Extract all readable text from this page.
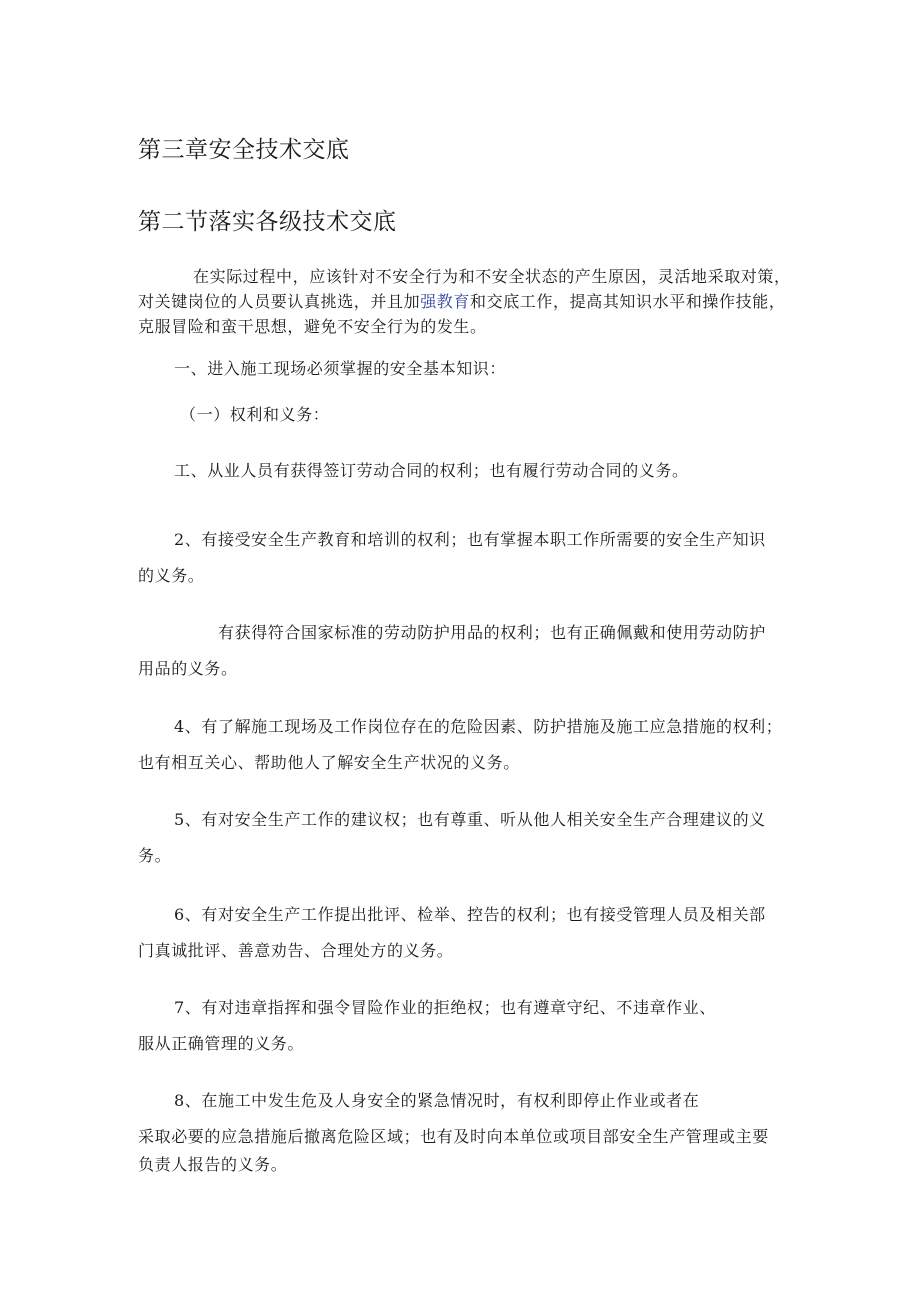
第三章安全技术交底
第二节落实各级技术交底
在实际过程中，应该针对不安全行为和不安全状态的产生原因，灵活地采取对策，
对关键岗位的人员要认真挑选，并且加强教育和交底工作，提高其知识水平和操作技能，
克服冒险和蛮干思想，避免不安全行为的发生。
一、进入施工现场必须掌握的安全基本知识：
（一）权利和义务：
工、从业人员有获得签订劳动合同的权利；也有履行劳动合同的义务。
2、有接受安全生产教育和培训的权利；也有掌握本职工作所需要的安全生产知识
的义务。
有获得符合国家标准的劳动防护用品的权利；也有正确佩戴和使用劳动防护
用品的义务。
4、有了解施工现场及工作岗位存在的危险因素、防护措施及施工应急措施的权利；
也有相互关心、帮助他人了解安全生产状况的义务。
5、有对安全生产工作的建议权；也有尊重、听从他人相关安全生产合理建议的义
务。
6、有对安全生产工作提出批评、检举、控告的权利；也有接受管理人员及相关部
门真诚批评、善意劝告、合理处方的义务。
7、有对违章指挥和强令冒险作业的拒绝权；也有遵章守纪、不违章作业、
服从正确管理的义务。
8、在施工中发生危及人身安全的紧急情况时，有权利即停止作业或者在
采取必要的应急措施后撤离危险区域；也有及时向本单位或项目部安全生产管理或主要
负责人报告的义务。
